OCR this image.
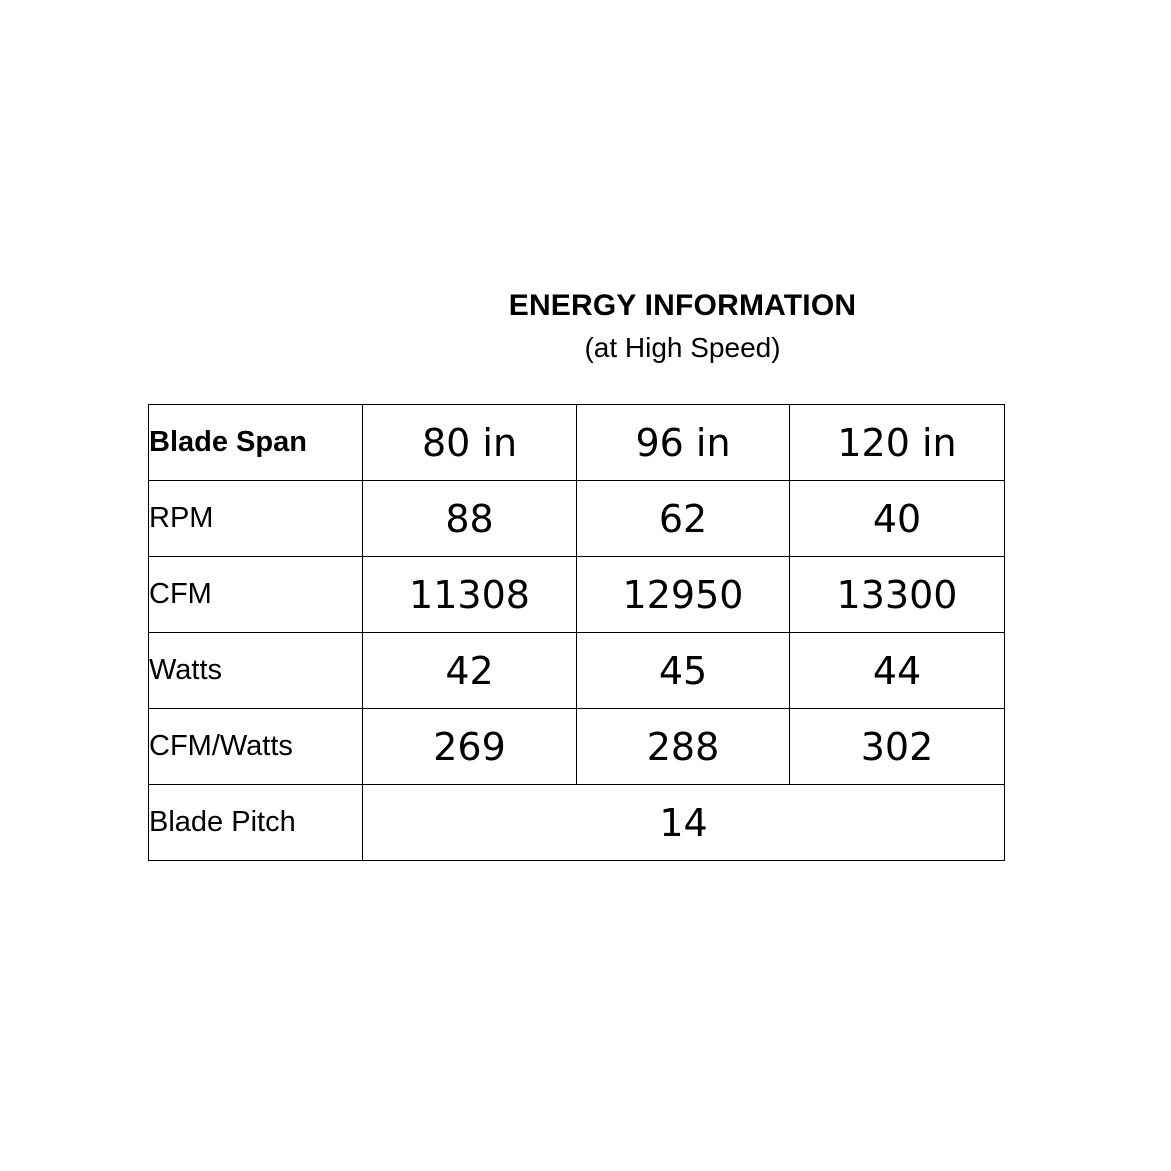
ENERGY INFORMATION
(at High Speed)
Blade Span	80 in	96 in	120 in
RPM	88	62	40
CFM	11308	12950	13300
Watts	42	45	44
CFM/Watts	269	288	302
Blade Pitch	14		
